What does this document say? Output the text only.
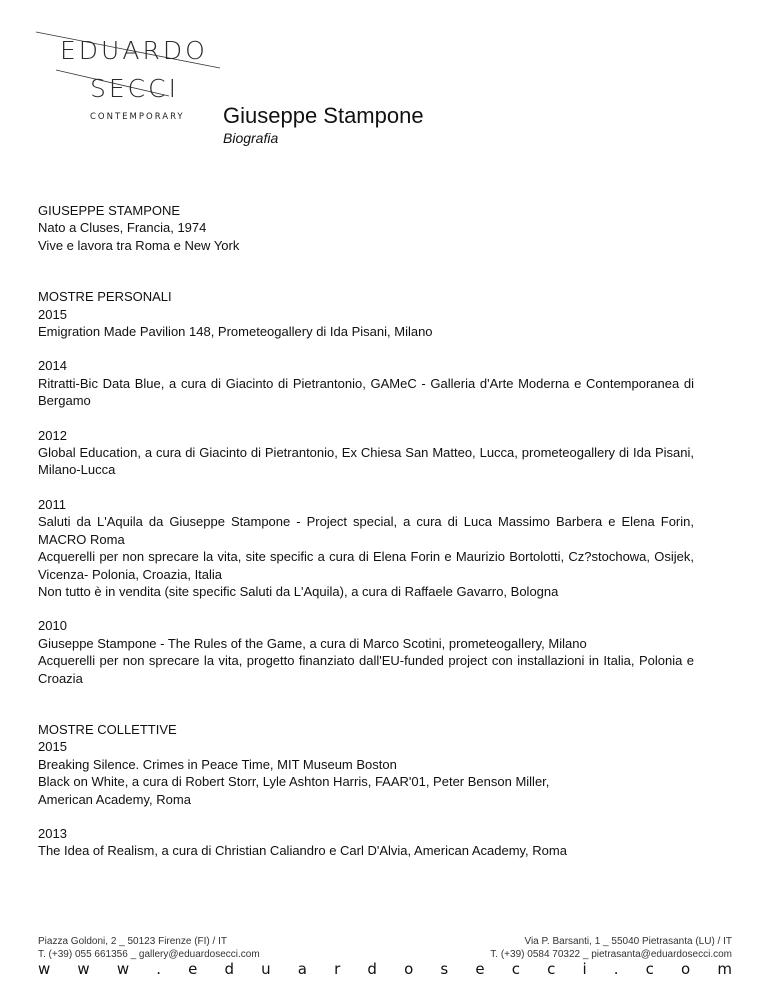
EDUARDO
SECCI
CONTEMPORARY Giuseppe Stampone
Biografia

GIUSEPPE STAMPONE

Nato a Cluses, Francia, 1974

Vive e lavora tra Roma e New York

MOSTRE PERSONALI

2015

Emigration Made Pavilion 148, Prometeogallery di Ida Pisani, Milano

2014

Ritratti-Bic Data Blue, a cura di Giacinto di Pietrantonio, GAMeC - Galleria d'Arte Moderna e Contemporanea di Bergamo

2012

Global Education, a cura di Giacinto di Pietrantonio, Ex Chiesa San Matteo, Lucca, prometeogallery di Ida Pisani, Milano-Lucca

2011

Saluti da L'Aquila da Giuseppe Stampone - Project special, a cura di Luca Massimo Barbera e Elena Forin, MACRO Roma

Acquerelli per non sprecare la vita, site specific a cura di Elena Forin e Maurizio Bortolotti, Cz?stochowa, Osijek, Vicenza- Polonia, Croazia, Italia

Non tutto è in vendita (site specific Saluti da L'Aquila), a cura di Raffaele Gavarro, Bologna

2010

Giuseppe Stampone - The Rules of the Game, a cura di Marco Scotini, prometeogallery, Milano

Acquerelli per non sprecare la vita, progetto finanziato dall'EU-funded project con installazioni in Italia, Polonia e Croazia

MOSTRE COLLETTIVE

2015

Breaking Silence. Crimes in Peace Time, MIT Museum Boston

Black on White, a cura di Robert Storr, Lyle Ashton Harris, FAAR'01, Peter Benson Miller,

American Academy, Roma

2013

The Idea of Realism, a cura di Christian Caliandro e Carl D'Alvia, American Academy, Roma

Piazza Goldoni, 2 _ 50123 Firenze (FI) / IT
T. (+39) 055 661356 _ gallery@eduardosecci.com
Via P. Barsanti, 1 _ 55040 Pietrasanta (LU) / IT
T. (+39) 0584 70322 _ pietrasanta@eduardosecci.com
w w w . e d u a r d o s e c c i . c o m
